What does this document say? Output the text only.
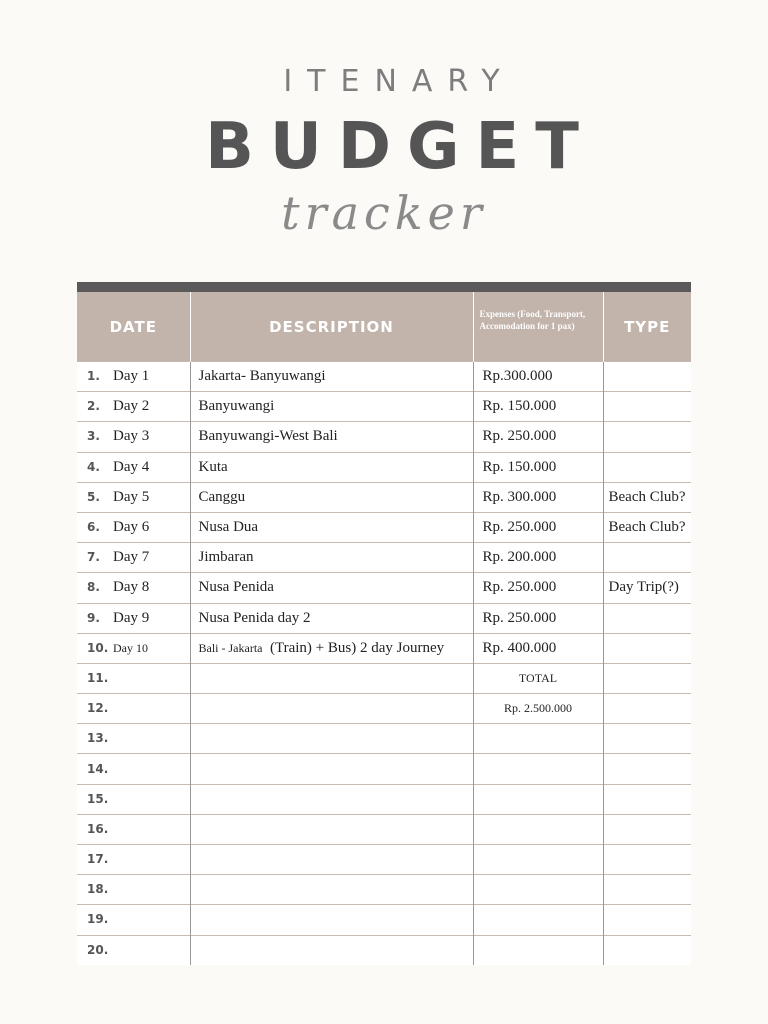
ITENARY
BUDGET
tracker
DATE	DESCRIPTION	Expenses (Food, Transport, Accomodation for 1 pax)	TYPE
1. Day 1	Jakarta- Banyuwangi	Rp.300.000	
2. Day 2	Banyuwangi	Rp. 150.000	
3. Day 3	Banyuwangi-West Bali	Rp. 250.000	
4. Day 4	Kuta	Rp. 150.000	
5. Day 5	Canggu	Rp. 300.000	Beach Club?
6. Day 6	Nusa Dua	Rp. 250.000	Beach Club?
7. Day 7	Jimbaran	Rp. 200.000	
8. Day 8	Nusa Penida	Rp. 250.000	Day Trip(?)
9. Day 9	Nusa Penida day 2	Rp. 250.000	
10. Day 10	Bali - Jakarta (Train) + Bus) 2 day Journey	Rp. 400.000	
11.		TOTAL	
12.		Rp. 2.500.000	
13.			
14.			
15.			
16.			
17.			
18.			
19.			
20.			
